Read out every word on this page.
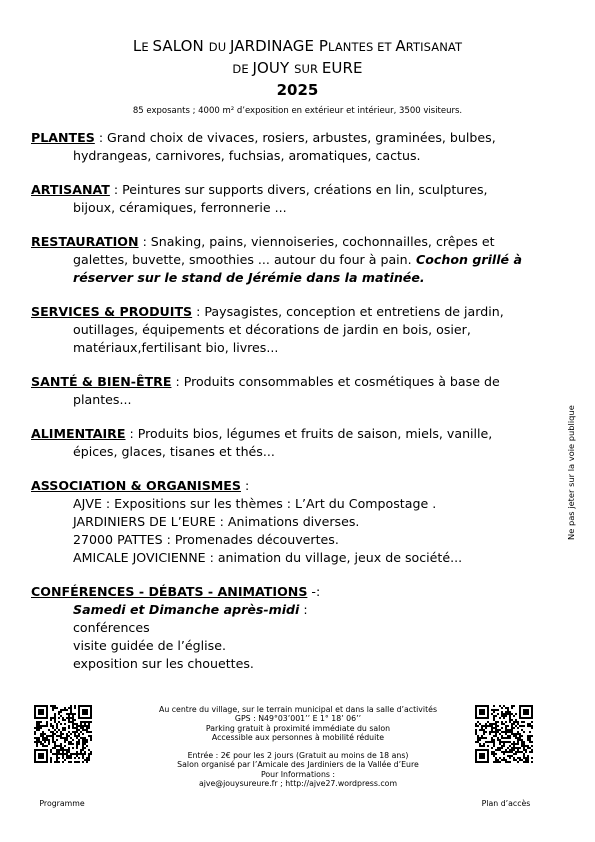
LE SALON DU JARDINAGE PLANTES ET ARTISANAT
DE JOUY SUR EURE
2025
85 exposants ; 4000 m² d’exposition en extérieur et intérieur, 3500 visiteurs.
PLANTES : Grand choix de vivaces, rosiers, arbustes, graminées, bulbes,
hydrangeas, carnivores, fuchsias, aromatiques, cactus.
ARTISANAT : Peintures sur supports divers, créations en lin, sculptures,
bijoux, céramiques, ferronnerie ...
RESTAURATION : Snaking, pains, viennoiseries, cochonnailles, crêpes et
galettes, buvette, smoothies ... autour du four à pain. Cochon grillé à réserver sur le stand de Jérémie dans la matinée.
SERVICES & PRODUITS : Paysagistes, conception et entretiens de jardin,
outillages, équipements et décorations de jardin en bois, osier,
matériaux,fertilisant bio, livres...
SANTÉ & BIEN-ÊTRE : Produits consommables et cosmétiques à base de
plantes...
ALIMENTAIRE : Produits bios, légumes et fruits de saison, miels, vanille,
épices, glaces, tisanes et thés...
ASSOCIATION & ORGANISMES :
AJVE : Expositions sur les thèmes : L’Art du Compostage .
JARDINIERS DE L’EURE : Animations diverses.
27000 PATTES : Promenades découvertes.
AMICALE JOVICIENNE : animation du village, jeux de société...
CONFÉRENCES - DÉBATS - ANIMATIONS -:
Samedi et Dimanche après-midi :
conférences
visite guidée de l’église.
exposition sur les chouettes.
Ne pas jeter sur la voie publique
Programme	Plan d’accès
Au centre du village, sur le terrain municipal et dans la salle d’activités
GPS : N49°03’001’’ E 1° 18’ 06’’
Parking gratuit à proximité immédiate du salon
Accessible aux personnes à mobilité réduite
Entrée : 2€ pour les 2 jours (Gratuit au moins de 18 ans)
Salon organisé par l’Amicale des Jardiniers de la Vallée d’Eure
Pour Informations :
ajve@jouysureure.fr ; http://ajve27.wordpress.com
